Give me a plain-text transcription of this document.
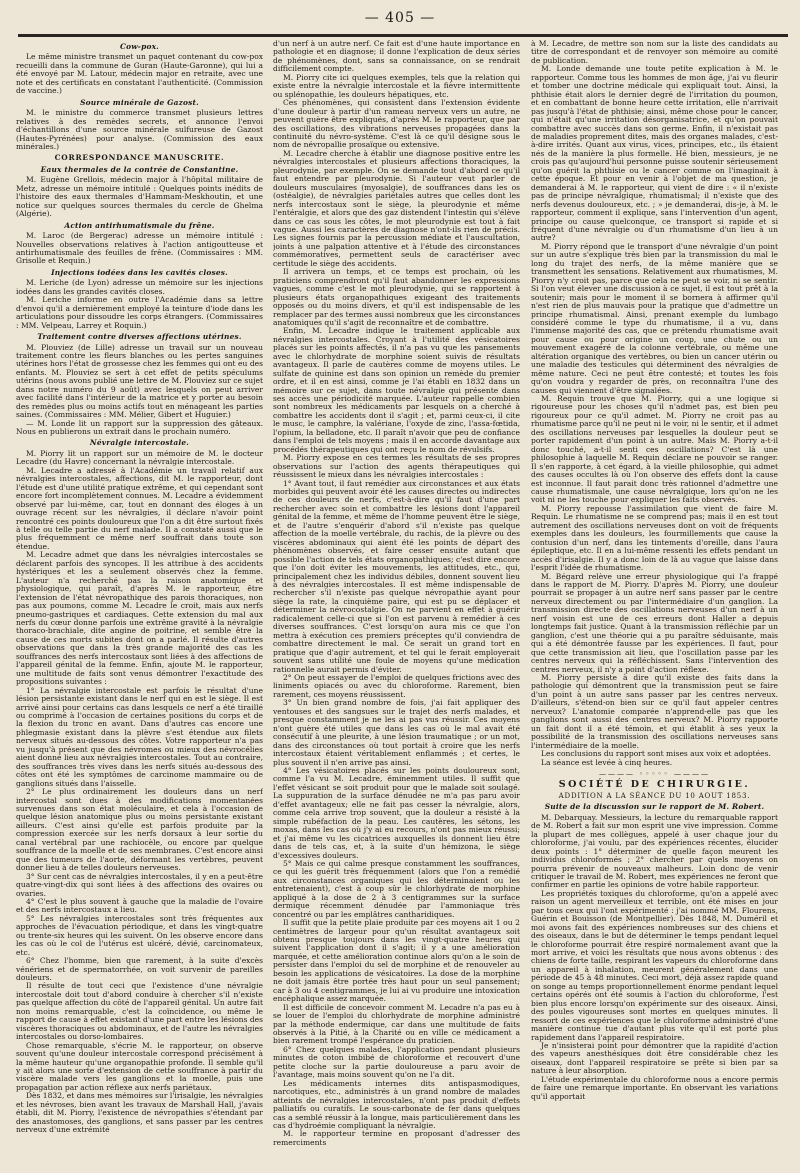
— 405 —
Cow-pox.

Le même ministre transmet un paquet contenant du cow-pox recueilli dans la commune de Guran (Haute-Garonne), qui lui a été envoyé par M. Latour, médecin major en retraite, avec une note et des certificats en constatant l'authenticité. (Commission de vaccine.)

Source minérale de Gazost.

M. le ministre du commerce transmet plusieurs lettres relatives à des remèdes secrets, et annonce l'envoi d'échantillons d'une source minérale sulfureuse de Gazost (Hautes-Pyrénées) pour analyse. (Commission des eaux minérales.)

CORRESPONDANCE MANUSCRITE.
Eaux thermales de la contrée de Constantine.

M. Eugène Grellois, médecin major à l'hôpital militaire de Metz, adresse un mémoire intitulé : Quelques points inédits de l'histoire des eaux thermales d'Hammam-Meskhoutin, et une notice sur quelques sources thermales du cercle de Ghelma (Algérie).

Action antirhumatismale du frêne.

M. Laroc (de Bergerac) adresse un mémoire intitulé : Nouvelles observations relatives à l'action antigoutteuse et antirhumatismale des feuilles de frêne. (Commissaires : MM. Grisolle et Requin.)

Injections iodées dans les cavités closes.

M. Leriche (de Lyon) adresse un mémoire sur les injections iodées dans les grandes cavités closes.

M. Leriche informe en outre l'Académie dans sa lettre d'envoi qu'il a dernièrement employé la teinture d'iode dans les articulations pour dissoudre les corps étrangers. (Commissaires : MM. Velpeau, Larrey et Roquin.)

Traitement contre diverses affections utérines.

M. Plouviez (de Lille) adresse un travail sur un nouveau traitement contre les fleurs blanches ou les pertes sanguines utérines hors l'état de grossesse chez les femmes qui ont eu des enfants. M. Plouviez se sert à cet effet de petits spéculums utérins (nous avons publié une lettre de M. Plouviez sur ce sujet dans notre numéro du 9 août) avec lesquels on peut arriver avec facilité dans l'intérieur de la matrice et y porter au besoin des remèdes plus ou moins actifs tout en ménageant les parties saines. (Commissaires : MM. Mélier, Gibert et Huguier.)

— M. Londe lit un rapport sur la suppression des gâteaux. Nous en publierons un extrait dans le prochain numéro.

Névralgie intercostale.

M. Piorry lit un rapport sur un mémoire de M. le docteur Lecadre (du Havre) concernant la névralgie intercostale.

M. Lecadre a adressé à l'Académie un travail relatif aux névralgies intercostales, affections, dit M. le rapporteur, dont l'étude est d'une utilité pratique extrême, et qui cependant sont encore fort incomplètement connues. M. Lecadre a évidemment observé par lui-même, car, tout en donnant des éloges à un ouvrage récent sur les névralgies, il déclare n'avoir point rencontré ces points douloureux que l'on a dit être surtout fixés à telle ou telle partie du nerf malade. Il a constaté aussi que le plus fréquemment ce même nerf souffrait dans toute son étendue.

M. Lecadre admet que dans les névralgies intercostales se déclarent parfois des syncopes. Il les attribue à des accidents hystériques et les a seulement observés chez la femme. L'auteur n'a recherché pas la raison anatomique et physiologique, qui paraît, d'après M. le rapporteur, être l'extension de l'état névropathique des parois thoraciques, non pas aux poumons, comme M. Lecadre le croit, mais aux nerfs pneumo-gastriques et cardiaques. Cette extension du mal aux nerfs du cœur donne parfois une extrême gravité à la névralgie thoraco-brachiale, dite angine de poitrine, et semble être la cause de ces morts subites dont on a parlé. Il résulte d'autres observations que dans la très grande majorité des cas les souffrances des nerfs intercostaux sont liées à des affections de l'appareil génital de la femme. Enfin, ajoute M. le rapporteur, une multitude de faits sont venus démontrer l'exactitude des propositions suivantes :

1° La névralgie intercostale est parfois le résultat d'une lésion persistante existant dans le nerf qui en est le siège. Il est arrivé ainsi pour certains cas dans lesquels ce nerf a été tiraillé ou comprimé à l'occasion de certaines positions du corps et de la flexion du tronc en avant. Dans d'autres cas encore une phlegmasie existant dans la plèvre s'est étendue aux filets nerveux situés au-dessous des côtes. Votre rapporteur n'a pas vu jusqu'à présent que des névromes ou mieux des névrocélies aient donné lieu aux névralgies intercostales. Tout au contraire, des souffrances très vives dans les nerfs situés au-dessous des côtes ont été les symptômes de carcinome mammaire ou de ganglions situés dans l'aisselle.

2° Le plus ordinairement les douleurs dans un nerf intercostal sont dues à des modifications momentanées survenues dans son état moléculaire, et cela à l'occasion de quelque lésion anatomique plus ou moins persistante existant ailleurs. C'est ainsi qu'elle est parfois produite par la compression exercée sur les nerfs dorsaux à leur sortie du canal vertébral par une rachiocèle, ou encore par quelque souffrance de la moelle et de ses membranes. C'est encore ainsi que des tumeurs de l'aorte, déformant les vertèbres, peuvent donner lieu à de telles douleurs nerveuses.

3° Sur cent cas de névralgies intercostales, il y en a peut-être quatre-vingt-dix qui sont liées à des affections des ovaires ou ovaries.

4° C'est le plus souvent à gauche que la maladie de l'ovaire et des nerfs intercostaux a lieu.

5° Les névralgies intercostales sont très fréquentes aux approches de l'évacuation périodique, et dans les vingt-quatre ou trente-six heures qui les suivent. On les observe encore dans les cas où le col de l'utérus est ulcéré, dévié, carcinomateux, etc.

6° Chez l'homme, bien que rarement, à la suite d'excès vénériens et de spermatorrhée, on voit survenir de pareilles douleurs.

Il résulte de tout ceci que l'existence d'une névralgie intercostale doit tout d'abord conduire à chercher s'il n'existe pas quelque affection du côté de l'appareil génital. Un autre fait non moins remarquable, c'est la coïncidence, ou même le rapport de cause à effet existant d'une part entre les lésions des viscères thoraciques ou abdominaux, et de l'autre les névralgies intercostales ou dorso-lombaires.

Chose remarquable, s'écrie M. le rapporteur, on observe souvent qu'une douleur intercostale correspond précisément à la même hauteur qu'une organopathie profonde. Il semble qu'il y ait alors une sorte d'extension de cette souffrance à partir du viscère malade vers les ganglions et la moelle, puis une propagation par action réflexe aux nerfs pariétaux.

Dès 1832, et dans mes mémoires sur l'irisalgie, les névralgies et les névroses, bien avant les travaux de Marshall Hall, j'avais établi, dit M. Piorry, l'existence de névropathies s'étendant par des anastomoses, des ganglions, et sans passer par les centres nerveux d'une extrémité

d'un nerf à un autre nerf. Ce fait est d'une haute importance en pathologie et en diagnose; il donne l'explication de deux séries de phénomènes, dont, sans sa connaissance, on se rendrait difficilement compte.

M. Piorry cite ici quelques exemples, tels que la relation qui existe entre la névralgie intercostale et la fièvre intermittente ou splénopathie, les douleurs hépatiques, etc.

Ces phénomènes, qui consistent dans l'extension évidente d'une douleur à partir d'un rameau nerveux vers un autre, ne peuvent guère être expliqués, d'après M. le rapporteur, que par des oscillations, des vibrations nerveuses propagées dans la continuité du névro-système. C'est là ce qu'il désigne sous le nom de névropallie prosaïque ou extensive.

M. Lecadre cherche à établir une diagnose positive entre les névralgies intercostales et plusieurs affections thoraciques, la pleurodynie, par exemple. On se demande tout d'abord ce qu'il faut entendre par pleurodynie. Si l'auteur veut parler de douleurs musculaires (myosalgie), de souffrances dans les os (ostéalgie), de névralgies pariétales autres que celles dont les nerfs intercostaux sont le siège, la pleurodynie et même l'entéralgie, et alors que des gaz distendent l'intestin qui s'élève dans ce cas sous les côtes, le mot pleurodynie est tout à fait vague. Aussi les caractères de diagnose n'ont-ils rien de précis. Les signes fournis par la percussion médiate et l'auscultation, joints à une palpation attentive et à l'étude des circonstances commémoratives, permettent seuls de caractériser avec certitude le siège des accidents.

Il arrivera un temps, et ce temps est prochain, où les praticiens comprendront qu'il faut abandonner les expressions vagues, comme c'est le mot pleurodynie, qui se rapportent à plusieurs états organopathiques exigeant des traitements opposés ou du moins divers, et qu'il est indispensable de les remplacer par des termes aussi nombreux que les circonstances anatomiques qu'il s'agit de reconnaître et de combattre.

Enfin, M. Lecadre indique le traitement applicable aux névralgies intercostales. Croyant à l'utilité des vésicatoires placés sur les points affectés, il n'a pas vu que les pansements avec le chlorhydrate de morphine soient suivis de résultats avantageux. Il parle de cautères comme de moyens utiles. Le sulfate de quinine est dans son opinion un remède du premier ordre, et il en est ainsi, comme je l'ai établi en 1832 dans un mémoire sur ce sujet, dans toute névralgie qui présente dans ses accès une périodicité marquée. L'auteur rappelle combien sont nombreux les médicaments par lesquels on a cherché à combattre les accidents dont il s'agit ; et, parmi ceux-ci, il cite le musc, le camphre, la valériane, l'oxyde de zinc, l'assa-fœtida, l'opium, la belladone, etc. Il paraît n'avoir que peu de confiance dans l'emploi de tels moyens ; mais il en accorde davantage aux procédés thérapeutiques qui ont reçu le nom de révulsifs.

M. Piorry expose en ces termes les résultats de ses propres observations sur l'action des agents thérapeutiques qui réussissent le mieux dans les névralgies intercostales :

1° Avant tout, il faut remédier aux circonstances et aux états morbides qui peuvent avoir été les causes directes ou indirectes de ces douleurs de nerfs, c'est-à-dire qu'il faut d'une part rechercher avec soin et combattre les lésions dont l'appareil génital de la femme, et même de l'homme peuvent être le siège, et de l'autre s'enquérir d'abord s'il n'existe pas quelque affection de la moelle vertébrale, du rachis, de la plèvre ou des viscères abdominaux qui aient été les points de départ des phénomènes observés, et faire cesser ensuite autant que possible l'action de tels états organopathiques; c'est dire encore que l'on doit éviter les mouvements, les attitudes, etc., qui, principalement chez les individus débiles, donnent souvent lieu à des névralgies intercostales. Il est même indispensable de rechercher s'il n'existe pas quelque névropathie ayant pour siège la rate, la cinquième paire, qui est pu se déplacer et déterminer la névrocostalgie. On ne parvient en effet à guérir radicalement celle-ci que si l'on est parvenu à remédier à ces diverses souffrances. C'est lorsqu'on aura mis ce que l'on mettra à exécution ces premiers préceptes qu'il conviendra de combattre directement le mal. Ce serait un grand tort en pratique que d'agir autrement, et tel qui le ferait employerait souvent sans utilité une foule de moyens qu'une médication rationnelle aurait permis d'éviter.

2° On peut essayer de l'emploi de quelques frictions avec des liniments opiacés ou avec du chloroforme. Rarement, bien rarement, ces moyens réussissent.

3° Un bien grand nombre de fois, j'ai fait appliquer des ventouses et des sangsues sur le trajet des nerfs malades, et presque constamment je ne les ai pas vus réussir. Ces moyens n'ont guère été utiles que dans les cas où le mal avait été consécutif à une pleurite, à une lésion traumatique ; or un mot, dans des circonstances où tout portait à croire que les nerfs intercostaux étaient véritablement enflammés ; et certes, le plus souvent il n'en arrive pas ainsi.

4° Les vésicatoires placés sur les points douloureux sont, comme l'a vu M. Lecadre, éminemment utiles. Il suffit que l'effet vésicant se soit produit pour que le malade soit soulagé. La suppuration de la surface dénudée ne m'a pas paru avoir d'effet avantageux; elle ne fait pas cesser la névralgie, alors, comme cela arrive trop souvent, que la douleur a résisté à la simple rubéfaction de la peau. Les cautères, les sétons, les moxas, dans les cas où j'y ai eu recours, n'ont pas mieux réussi; et j'ai même vu les cicatrices auxquelles ils donnent lieu être dans de tels cas, et, à la suite d'un hémizona, le siège d'excessives douleurs.

5° Mais ce qui calme presque constamment les souffrances, ce qui les guérit très fréquemment (alors que l'on a remédié aux circonstances organiques qui les déterminaient ou les entretenaient), c'est à coup sûr le chlorhydrate de morphine appliqué à la dose de 2 à 3 centigrammes sur la surface dermique récemment dénudée par l'ammoniaque très concentré ou par les emplâtres cantharidiques.

Il suffit que la petite plaie produite par ces moyens ait 1 ou 2 centimètres de largeur pour qu'un résultat avantageux soit obtenu presque toujours dans les vingt-quatre heures qui suivent l'application dont il s'agit; il y a une amélioration marquée, et cette amélioration continue alors qu'on a le soin de persister dans l'emploi du sel de morphine et de renouveler au besoin les applications de vésicatoires. La dose de la morphine ne doit jamais être portée très haut pour un seul pansement; car à 3 ou 4 centigrammes, je lui ai vu produire une intoxication encéphalique assez marquée.

Il est difficile de concevoir comment M. Lecadre n'a pas eu à se louer de l'emploi du chlorhydrate de morphine administré par la méthode endermique, car dans une multitude de faits observés à la Pitié, à la Charité ou en ville ce médicament a bien rarement trompé l'espérance du praticien.

6° Chez quelques malades, l'application pendant plusieurs minutes de coton imbibé de chloroforme et recouvert d'une petite cloche sur la partie douloureuse a paru avoir de l'avantage, mais moins souvent qu'on ne l'a dit.

Les médicaments internes dits antispasmodiques, narcotiques, etc., administrés à un grand nombre de malades atteints de névralgies intercostales, n'ont pas produit d'effets palliatifs ou curatifs. Le sous-carbonate de fer dans quelques cas a semblé réussir à la longue, mais particulièrement dans les cas d'hydroémie compliquant la névralgie.

M. le rapporteur termine en proposant d'adresser des remerciments

à M. Lecadre, de mettre son nom sur la liste des candidats au titre de correspondant et de renvoyer son mémoire au comité de publication.

M. Londe demande une toute petite explication à M. le rapporteur. Comme tous les hommes de mon âge, j'ai vu fleurir et tomber une doctrine médicale qui expliquait tout. Ainsi, la phthisie était alors le dernier degré de l'irritation du poumon, et en combattant de bonne heure cette irritation, elle n'arrivait pas jusqu'à l'état de phthisie; ainsi, même chose pour le cancer, qui n'était qu'une irritation désorganisatrice, et qu'on pouvait combattre avec succès dans son germe. Enfin, il n'existait pas de maladies proprement dites, mais des organes malades, c'est-à-dire irrités. Quant aux virus, vices, principes, etc., ils étaient nés de la manière la plus formelle. Hé bien, messieurs, je ne crois pas qu'aujourd'hui personne puisse soutenir sérieusement qu'on guérit la phthisie ou le cancer comme on l'imaginait à cette époque. Et pour en venir à l'objet de ma question, je demanderai à M. le rapporteur, qui vient de dire : « il n'existe pas de principe névralgique, rhumatismal; il n'existe que des nerfs devenus douloureux, etc. ; » je demanderai, dis-je, à M. le rapporteur, comment il explique, sans l'intervention d'un agent, principe ou cause quelconque, ce transport si rapide et si fréquent d'une névralgie ou d'un rhumatisme d'un lieu à un autre?

M. Piorry répond que le transport d'une névralgie d'un point sur un autre s'explique très bien par la transmission du mal le long du trajet des nerfs, de la même manière que se transmettent les sensations. Relativement aux rhumatismes, M. Piorry n'y croit pas, parce que cela ne peut se voir, ni se sentir. Si l'on veut élever une discussion à ce sujet, il est tout prêt à la soutenir; mais pour le moment il se bornera à affirmer qu'il n'est rien de plus mauvais pour la pratique que d'admettre un principe rhumatismal. Ainsi, prenant exemple du lumbago considéré comme le type du rhumatisme, il a vu, dans l'immense majorité des cas, que ce prétendu rhumatisme avait pour cause ou pour origine un coup, une chute ou un mouvement exagéré de la colonne vertébrale, ou même une altération organique des vertèbres, ou bien un cancer utérin ou une maladie des testicules qui déterminent des névralgies de même nature. Ceci ne peut être contesté; et toutes les fois qu'on voudra y regarder de près, on reconnaîtra l'une des causes qui viennent d'être signalées.

M. Requin trouve que M. Piorry, qui a une logique si rigoureuse pour les choses qu'il n'admet pas, est bien peu rigoureux pour ce qu'il admet. M. Piorry ne croit pas au rhumatisme parce qu'il ne peut ni le voir, ni le sentir, et il admet des oscillations nerveuses par lesquelles la douleur peut se porter rapidement d'un point à un autre. Mais M. Piorry a-t-il donc touché, a-t-il senti ces oscillations? C'est là une philosophie à laquelle M. Requin déclare ne pouvoir se ranger. Il s'en rapporte, à cet égard, à la vieille philosophie, qui admet des causes occultes là où l'on observe des effets dont la cause est inconnue. Il faut parait donc très rationnel d'admettre une cause rhumatismale, une cause névralgique, lors qu'on ne les voit ni ne les touche pour expliquer les faits observés.

M. Piorry repousse l'assimilation que vient de faire M. Requin. Le rhumatisme ne se comprend pas; mais il en est tout autrement des oscillations nerveuses dont on voit de fréquents exemples dans les douleurs, les fourmillements que cause la contusion d'un nerf, dans les tintements d'oreille, dans l'aura épileptique, etc. Il en a lui-même ressenti les effets pendant un accès d'irisalgie. Il y a donc loin de là au vague que laisse dans l'esprit l'idée de rhumatisme.

M. Bégard relève une erreur physiologique qui l'a frappé dans le rapport de M. Piorry. D'après M. Piorry, une douleur pourrait se propager à un autre nerf sans passer par le centre nerveux directement ou par l'intermédiaire d'un ganglion. La transmission directe des oscillations nerveuses d'un nerf à un nerf voisin est une de ces erreurs dont Haller a depuis longtemps fait justice. Quant à la transmission réfléchie par un ganglion, c'est une théorie qui a pu paraître séduisante, mais qui a été démontrée fausse par les expériences. Il faut, pour que cette transmission ait lieu, que l'oscillation passe par les centres nerveux qui la réfléchissent. Sans l'intervention des centres nerveux, il n'y a point d'action réflexe.

M. Piorry persiste à dire qu'il existe des faits dans la pathologie qui démontrent que la transmission peut se faire d'un point à un autre sans passer par les centres nerveux. D'ailleurs, s'étend-on bien sur ce qu'il faut appeler centres nerveux? L'anatomie comparée n'apprend-elle pas que les ganglions sont aussi des centres nerveux? M. Piorry rapporte un fait dont il a été témoin, et qui établit à ses yeux la possibilité de la transmission des oscillations nerveuses sans l'intermédiaire de la moelle.

Les conclusions du rapport sont mises aux voix et adoptées.

La séance est levée à cinq heures.

———— ◦◦◦◦◦ ————
SOCIÉTÉ DE CHIRURGIE.
ADDITION A LA SÉANCE DU 10 AOUT 1853.
Suite de la discussion sur le rapport de M. Robert.

M. Debarquay. Messieurs, la lecture du remarquable rapport de M. Robert a fait sur mon esprit une vive impression. Comme la plupart de mes collègues, appelé à user chaque jour du chloroforme, j'ai voulu, par des expériences récentes, élucider deux points : 1° déterminer de quelle façon meurent les individus chloroformés ; 2° chercher par quels moyens on pourra prévenir de nouveaux malheurs. Loin donc de venir critiquer le travail de M. Robert, mes expériences ne feront que confirmer en partie les opinions de votre habile rapporteur.

Les propriétés toxiques du chloroforme, qu'on a appelé avec raison un agent merveilleux et terrible, ont été mises en jour par tous ceux qui l'ont expérimenté : j'ai nommé MM. Flourens, Guérin et Bouisson (de Montpellier). Dès 1848, M. Duméril et moi avons fait des expériences nombreuses sur des chiens et des oiseaux, dans le but de déterminer le temps pendant lequel le chloroforme pourrait être respiré normalement avant que la mort arrive, et voici les résultats que nous avons obtenus : des chiens de forte taille, respirant les vapeurs du chloroforme dans un appareil à inhalation, meurent généralement dans une période de 45 à 48 minutes. Ceci mort, déjà assez rapide quand on songe au temps proportionnellement énorme pendant lequel certains opérés ont été soumis à l'action du chloroforme, l'est bien plus encore lorsqu'on expérimente sur des oiseaux. Ainsi, des poules vigoureuses sont mortes en quelques minutes. Il ressort de ces expériences que le chloroforme administré d'une manière continue tue d'autant plus vite qu'il est porté plus rapidement dans l'appareil respiratoire.

Je n'insisterai point pour démontrer que la rapidité d'action des vapeurs anesthésiques doit être considérable chez les oiseaux, dont l'appareil respiratoire se prête si bien par sa nature à leur absorption.

L'étude expérimentale du chloroforme nous a encore permis de faire une remarque importante. En observant les variations qu'il apportait
